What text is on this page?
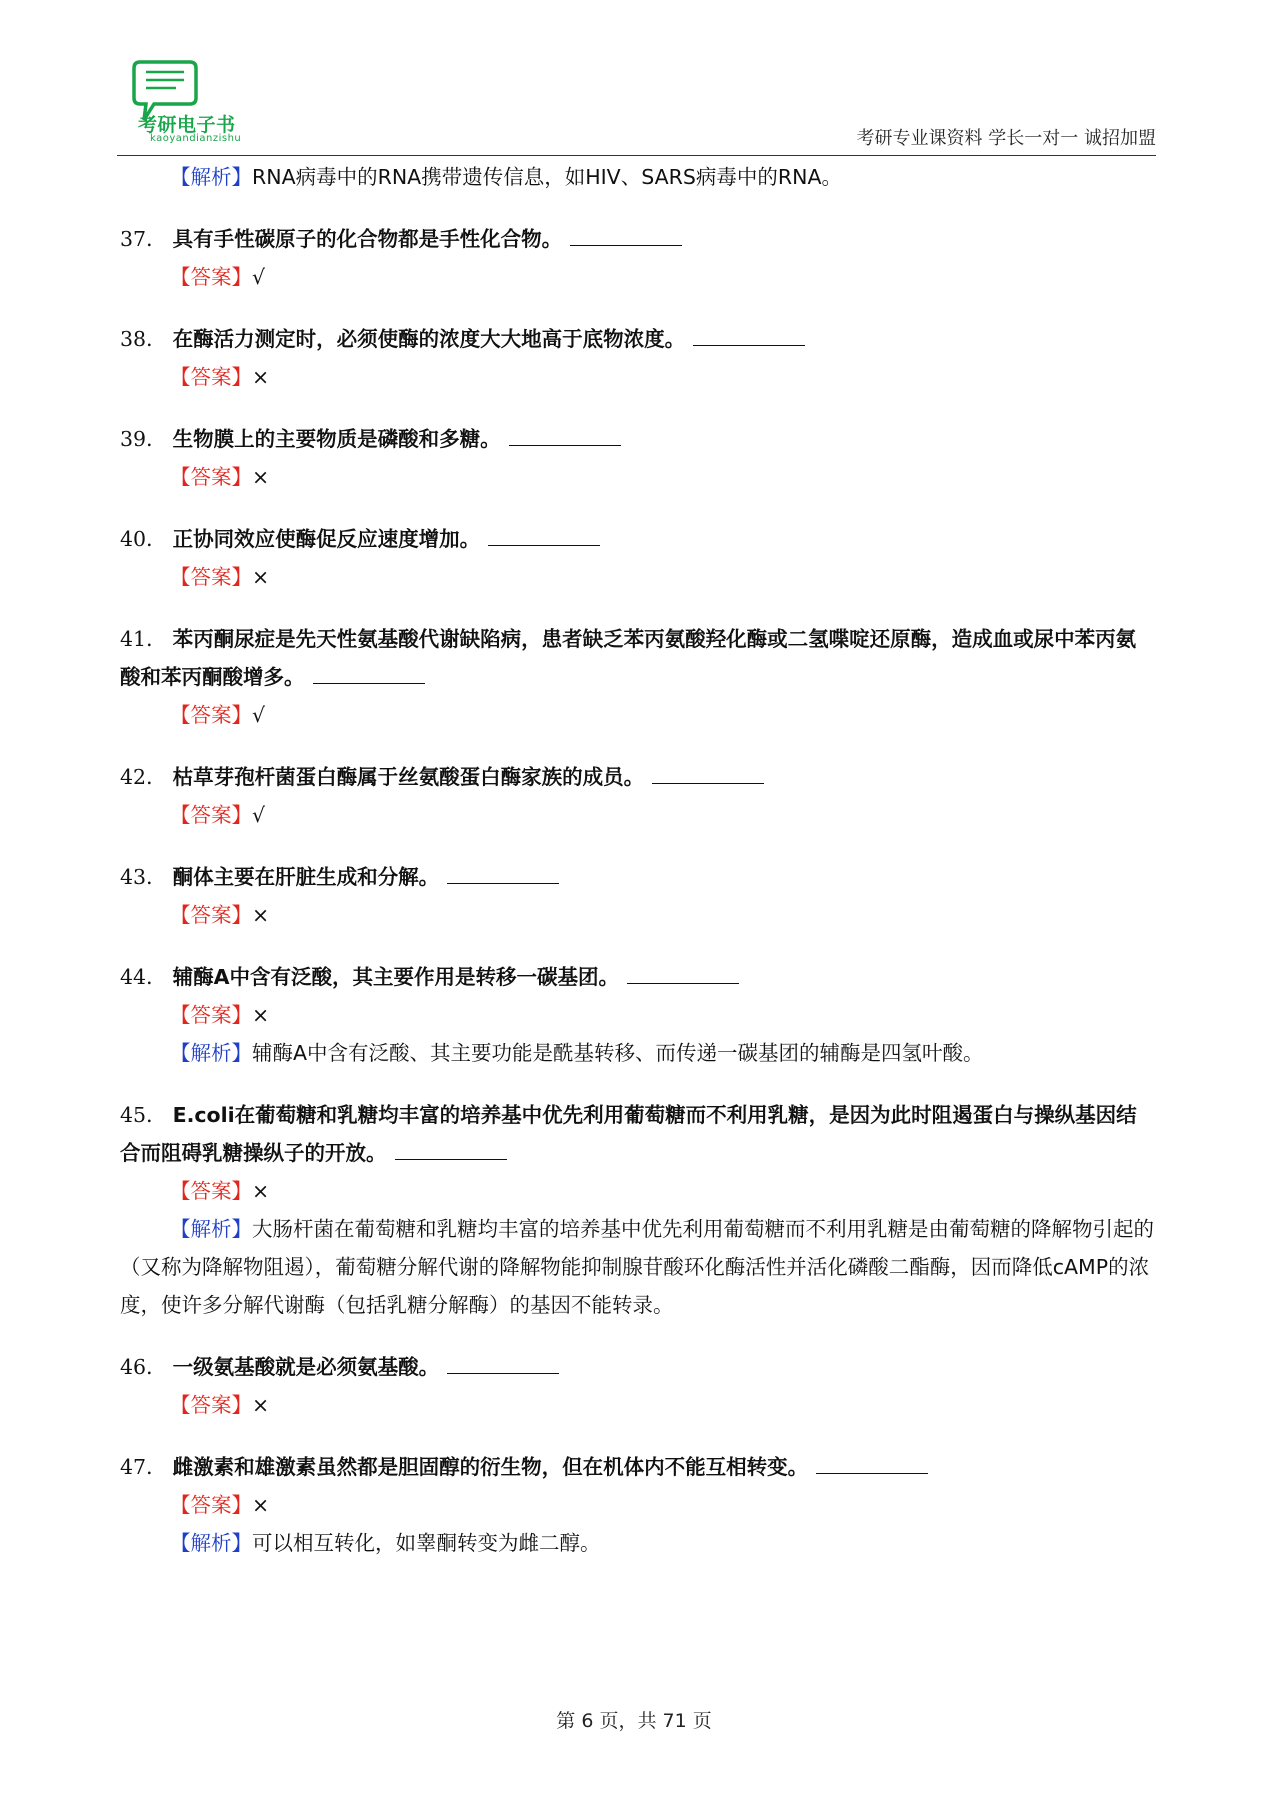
考研电子书
kaoyandianzishu	考研专业课资料 学长一对一 诚招加盟
【解析】RNA病毒中的RNA携带遗传信息，如HIV、SARS病毒中的RNA。
37． 具有手性碳原子的化合物都是手性化合物。
【答案】√
38． 在酶活力测定时，必须使酶的浓度大大地高于底物浓度。
【答案】×
39． 生物膜上的主要物质是磷酸和多糖。
【答案】×
40． 正协同效应使酶促反应速度增加。
【答案】×
41． 苯丙酮尿症是先天性氨基酸代谢缺陷病，患者缺乏苯丙氨酸羟化酶或二氢喋啶还原酶，造成血或尿中苯丙氨酸和苯丙酮酸增多。
【答案】√
42． 枯草芽孢杆菌蛋白酶属于丝氨酸蛋白酶家族的成员。
【答案】√
43． 酮体主要在肝脏生成和分解。
【答案】×
44． 辅酶A中含有泛酸，其主要作用是转移一碳基团。
【答案】×
【解析】辅酶A中含有泛酸、其主要功能是酰基转移、而传递一碳基团的辅酶是四氢叶酸。
45． E.coli在葡萄糖和乳糖均丰富的培养基中优先利用葡萄糖而不利用乳糖，是因为此时阻遏蛋白与操纵基因结合而阻碍乳糖操纵子的开放。
【答案】×
【解析】大肠杆菌在葡萄糖和乳糖均丰富的培养基中优先利用葡萄糖而不利用乳糖是由葡萄糖的降解物引起的（又称为降解物阻遏），葡萄糖分解代谢的降解物能抑制腺苷酸环化酶活性并活化磷酸二酯酶，因而降低cAMP的浓度，使许多分解代谢酶（包括乳糖分解酶）的基因不能转录。
46． 一级氨基酸就是必须氨基酸。
【答案】×
47． 雌激素和雄激素虽然都是胆固醇的衍生物，但在机体内不能互相转变。
【答案】×
【解析】可以相互转化，如睾酮转变为雌二醇。
第 6 页，共 71 页
